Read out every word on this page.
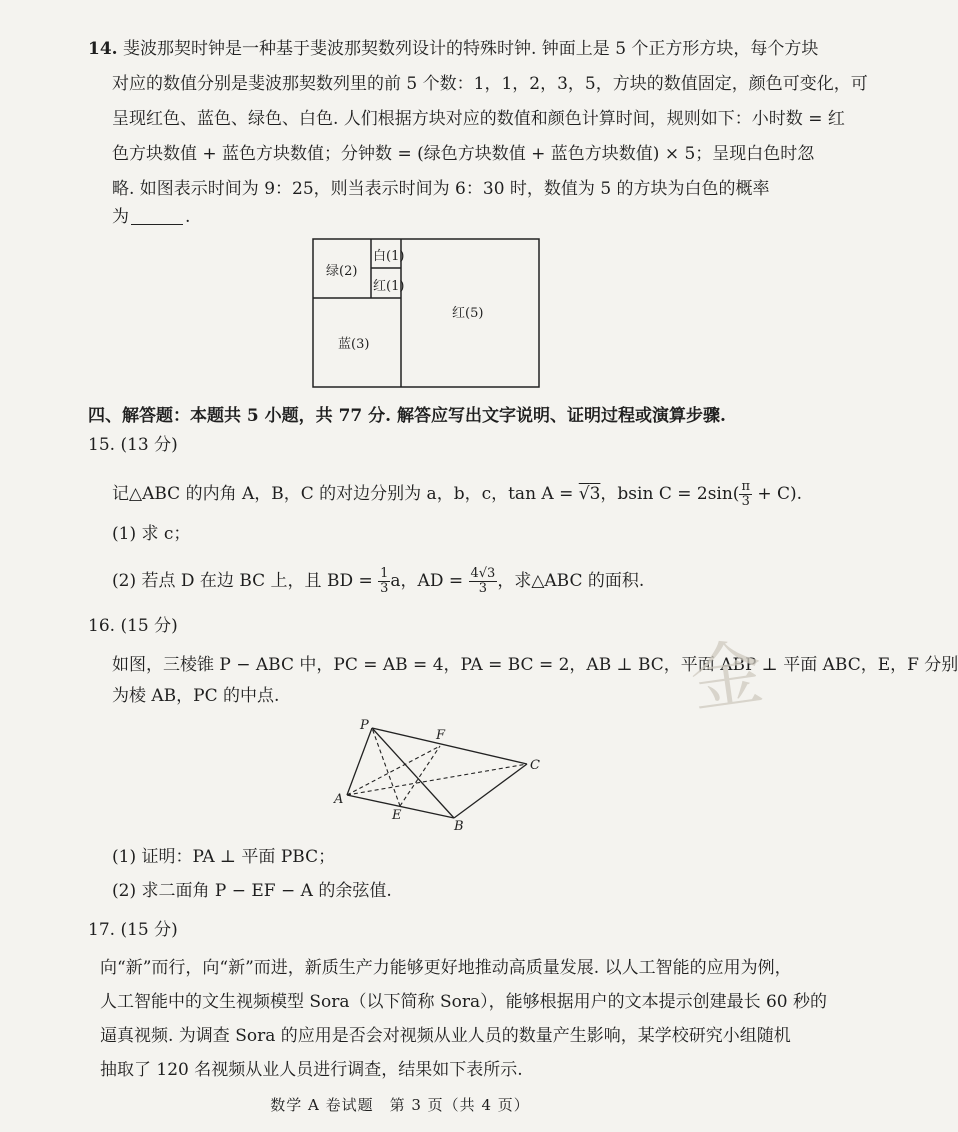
14. 斐波那契时钟是一种基于斐波那契数列设计的特殊时钟. 钟面上是 5 个正方形方块，每个方块
对应的数值分别是斐波那契数列里的前 5 个数：1，1，2，3，5，方块的数值固定，颜色可变化，可
呈现红色、蓝色、绿色、白色. 人们根据方块对应的数值和颜色计算时间，规则如下：小时数 = 红
色方块数值 + 蓝色方块数值；分钟数 = (绿色方块数值 + 蓝色方块数值) × 5；呈现白色时忽
略. 如图表示时间为 9：25，则当表示时间为 6：30 时，数值为 5 的方块为白色的概率
为	.
绿(2)
白(1)
红(1)
蓝(3)
红(5)
四、解答题：本题共 5 小题，共 77 分. 解答应写出文字说明、证明过程或演算步骤.
15. (13 分)
记△ABC 的内角 A，B，C 的对边分别为 a，b，c，tan A = √3，bsin $C = 2\sin( \frac{\pi}{3} + C)$.
(1) 求 c；
(2) 若点 D 在边 BC 上，且 BD = $\frac{1}{3}$ a，AD = $\frac{4√3}{3}$ ，求△ABC 的面积.
16. (15 分)
如图，三棱锥 P − ABC 中，PC = AB = 4，PA = BC = 2，AB ⊥ BC，平面 ABP ⊥ 平面 ABC，E，F 分别
为棱 AB，PC 的中点.
P
F
C
A
E
B
(1) 证明：PA ⊥ 平面 PBC；
(2) 求二面角 P − EF − A 的余弦值.
17. (15 分)
向“新”而行，向“新”而进，新质生产力能够更好地推动高质量发展. 以人工智能的应用为例，
人工智能中的文生视频模型 Sora（以下简称 Sora），能够根据用户的文本提示创建最长 60 秒的
逼真视频. 为调查 Sora 的应用是否会对视频从业人员的数量产生影响，某学校研究小组随机
抽取了 120 名视频从业人员进行调查，结果如下表所示.
数学 A 卷试题　第 3 页（共 4 页）
金
